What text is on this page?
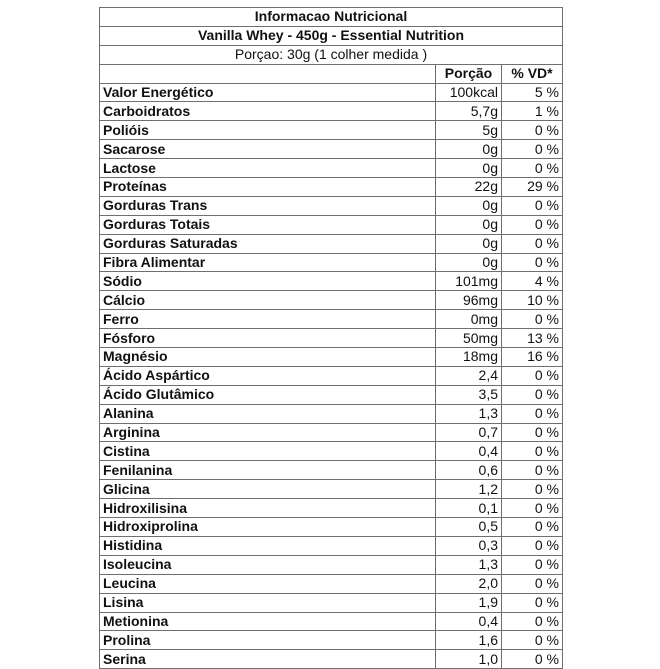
Informacao Nutricional		
Vanilla Whey - 450g - Essential Nutrition		
Porçao: 30g (1 colher medida )		
	Porção	% VD*
Valor Energético	100kcal	5 %
Carboidratos	5,7g	1 %
Polióis	5g	0 %
Sacarose	0g	0 %
Lactose	0g	0 %
Proteínas	22g	29 %
Gorduras Trans	0g	0 %
Gorduras Totais	0g	0 %
Gorduras Saturadas	0g	0 %
Fibra Alimentar	0g	0 %
Sódio	101mg	4 %
Cálcio	96mg	10 %
Ferro	0mg	0 %
Fósforo	50mg	13 %
Magnésio	18mg	16 %
Ácido Aspártico	2,4	0 %
Ácido Glutâmico	3,5	0 %
Alanina	1,3	0 %
Arginina	0,7	0 %
Cistina	0,4	0 %
Fenilanina	0,6	0 %
Glicina	1,2	0 %
Hidroxilisina	0,1	0 %
Hidroxiprolina	0,5	0 %
Histidina	0,3	0 %
Isoleucina	1,3	0 %
Leucina	2,0	0 %
Lisina	1,9	0 %
Metionina	0,4	0 %
Prolina	1,6	0 %
Serina	1,0	0 %
